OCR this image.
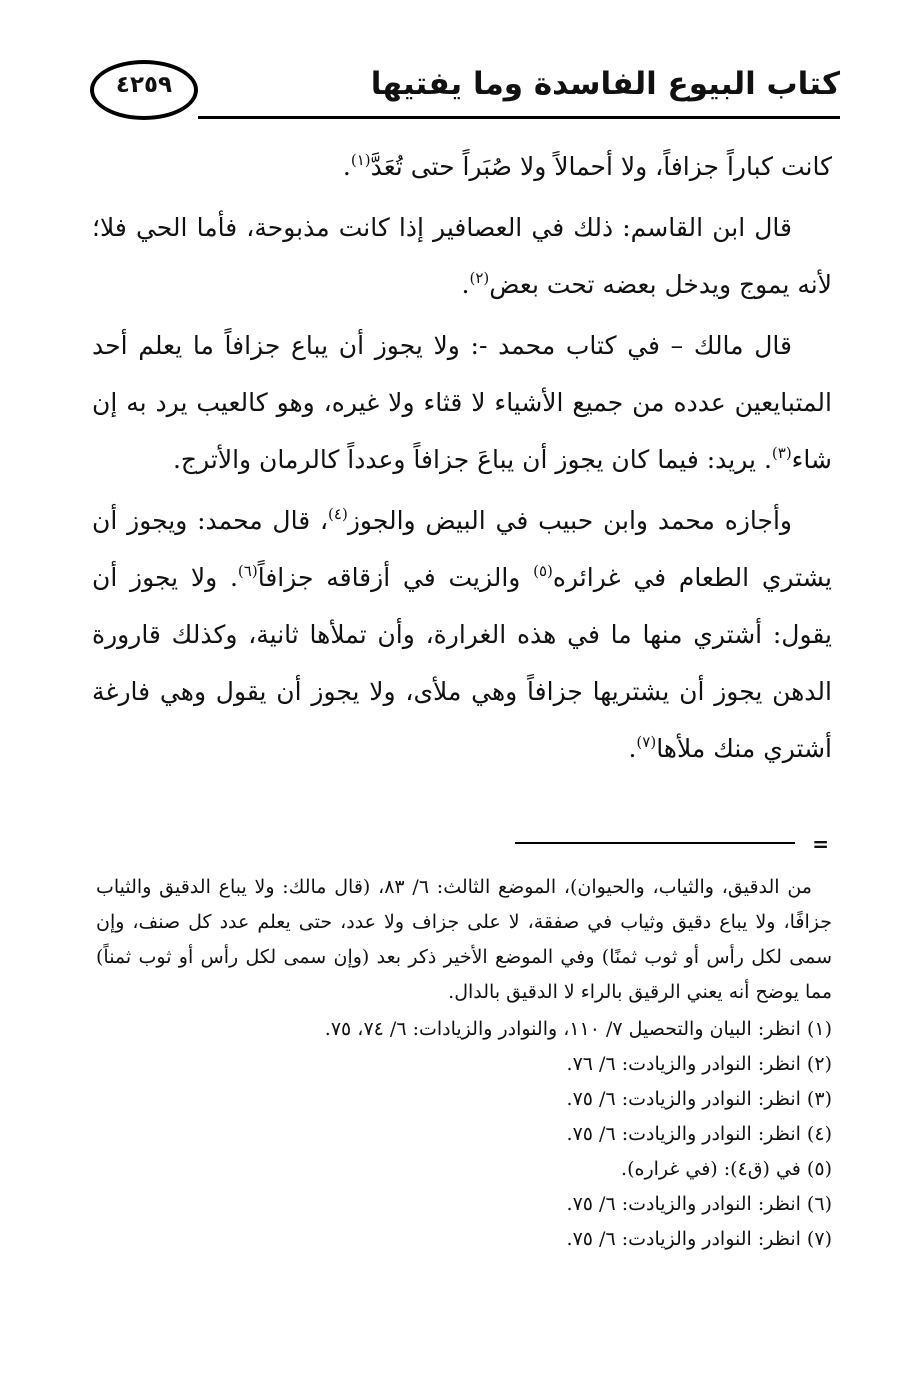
كتاب البيوع الفاسدة وما يفتيها
٤٢٥٩

كانت كباراً جزافاً، ولا أحمالاً ولا صُبَراً حتى تُعَدَّ$^{(١)}$.

قال ابن القاسم: ذلك في العصافير إذا كانت مذبوحة، فأما الحي فلا؛ لأنه يموج ويدخل بعضه تحت بعض$^{(٢)}$.

قال مالك – في كتاب محمد -: ولا يجوز أن يباع جزافاً ما يعلم أحد المتبايعين عدده من جميع الأشياء لا قثاء ولا غيره، وهو كالعيب يرد به إن شاء$^{(٣)}$. يريد: فيما كان يجوز أن يباعَ جزافاً وعدداً كالرمان والأترج.

وأجازه محمد وابن حبيب في البيض والجوز$^{(٤)}$، قال محمد: ويجوز أن يشتري الطعام في غرائره$^{(٥)}$ والزيت في أزقاقه جزافاً$^{(٦)}$. ولا يجوز أن يقول: أشتري منها ما في هذه الغرارة، وأن تملأها ثانية، وكذلك قارورة الدهن يجوز أن يشتريها جزافاً وهي ملأى، ولا يجوز أن يقول وهي فارغة أشتري منك ملأها$^{(٧)}$.

=

من الدقيق، والثياب، والحيوان)، الموضع الثالث: ٦/ ٨٣، (قال مالك: ولا يباع الدقيق والثياب جزافًا، ولا يباع دقيق وثياب في صفقة، لا على جزاف ولا عدد، حتى يعلم عدد كل صنف، وإن سمى لكل رأس أو ثوب ثمنًا) وفي الموضع الأخير ذكر بعد (وإن سمى لكل رأس أو ثوب ثمناً) مما يوضح أنه يعني الرقيق بالراء لا الدقيق بالدال.

(١) انظر: البيان والتحصيل ٧/ ١١٠، والنوادر والزيادات: ٦/ ٧٤، ٧٥.

(٢) انظر: النوادر والزيادت: ٦/ ٧٦.

(٣) انظر: النوادر والزيادت: ٦/ ٧٥.

(٤) انظر: النوادر والزيادت: ٦/ ٧٥.

(٥) في (ق٤): (في غراره).

(٦) انظر: النوادر والزيادت: ٦/ ٧٥.

(٧) انظر: النوادر والزيادت: ٦/ ٧٥.
